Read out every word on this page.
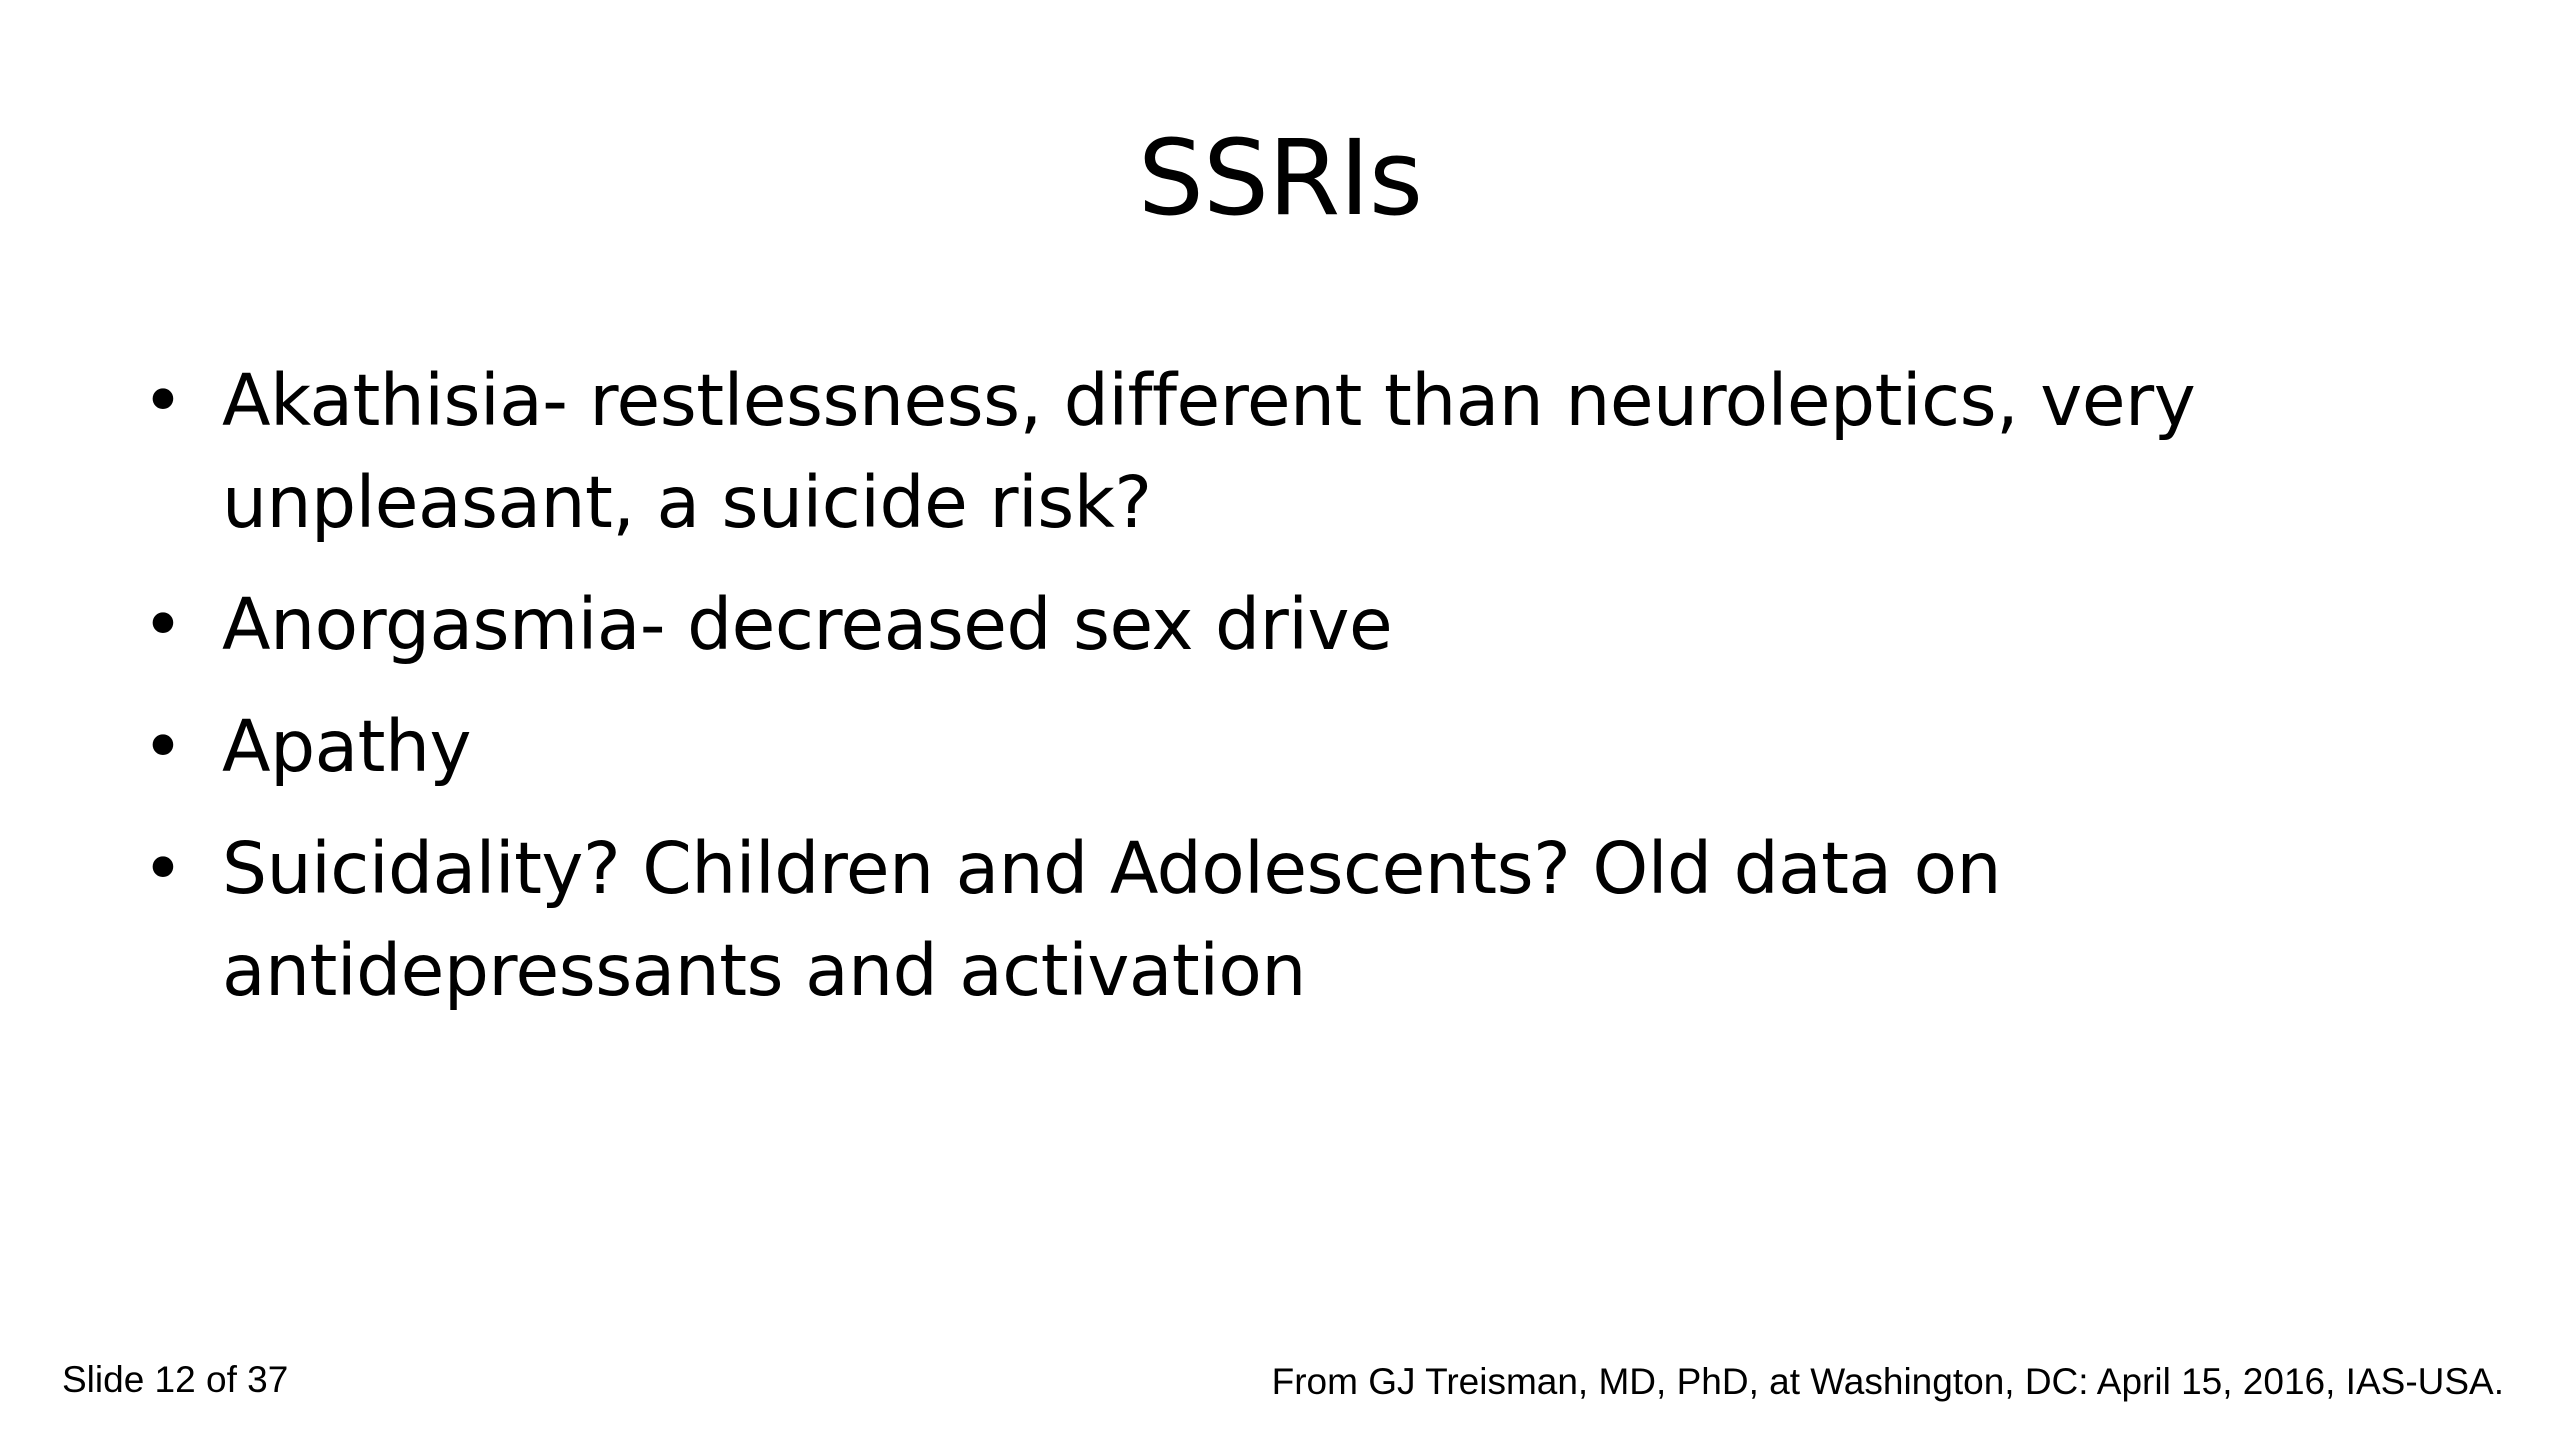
SSRIs
• Akathisia- restlessness, different than neuroleptics, very unpleasant, a suicide risk?
• Anorgasmia- decreased sex drive
• Apathy
• Suicidality? Children and Adolescents? Old data on antidepressants and activation
Slide 12 of 37	From GJ Treisman, MD, PhD, at Washington, DC: April 15, 2016, IAS-USA.
